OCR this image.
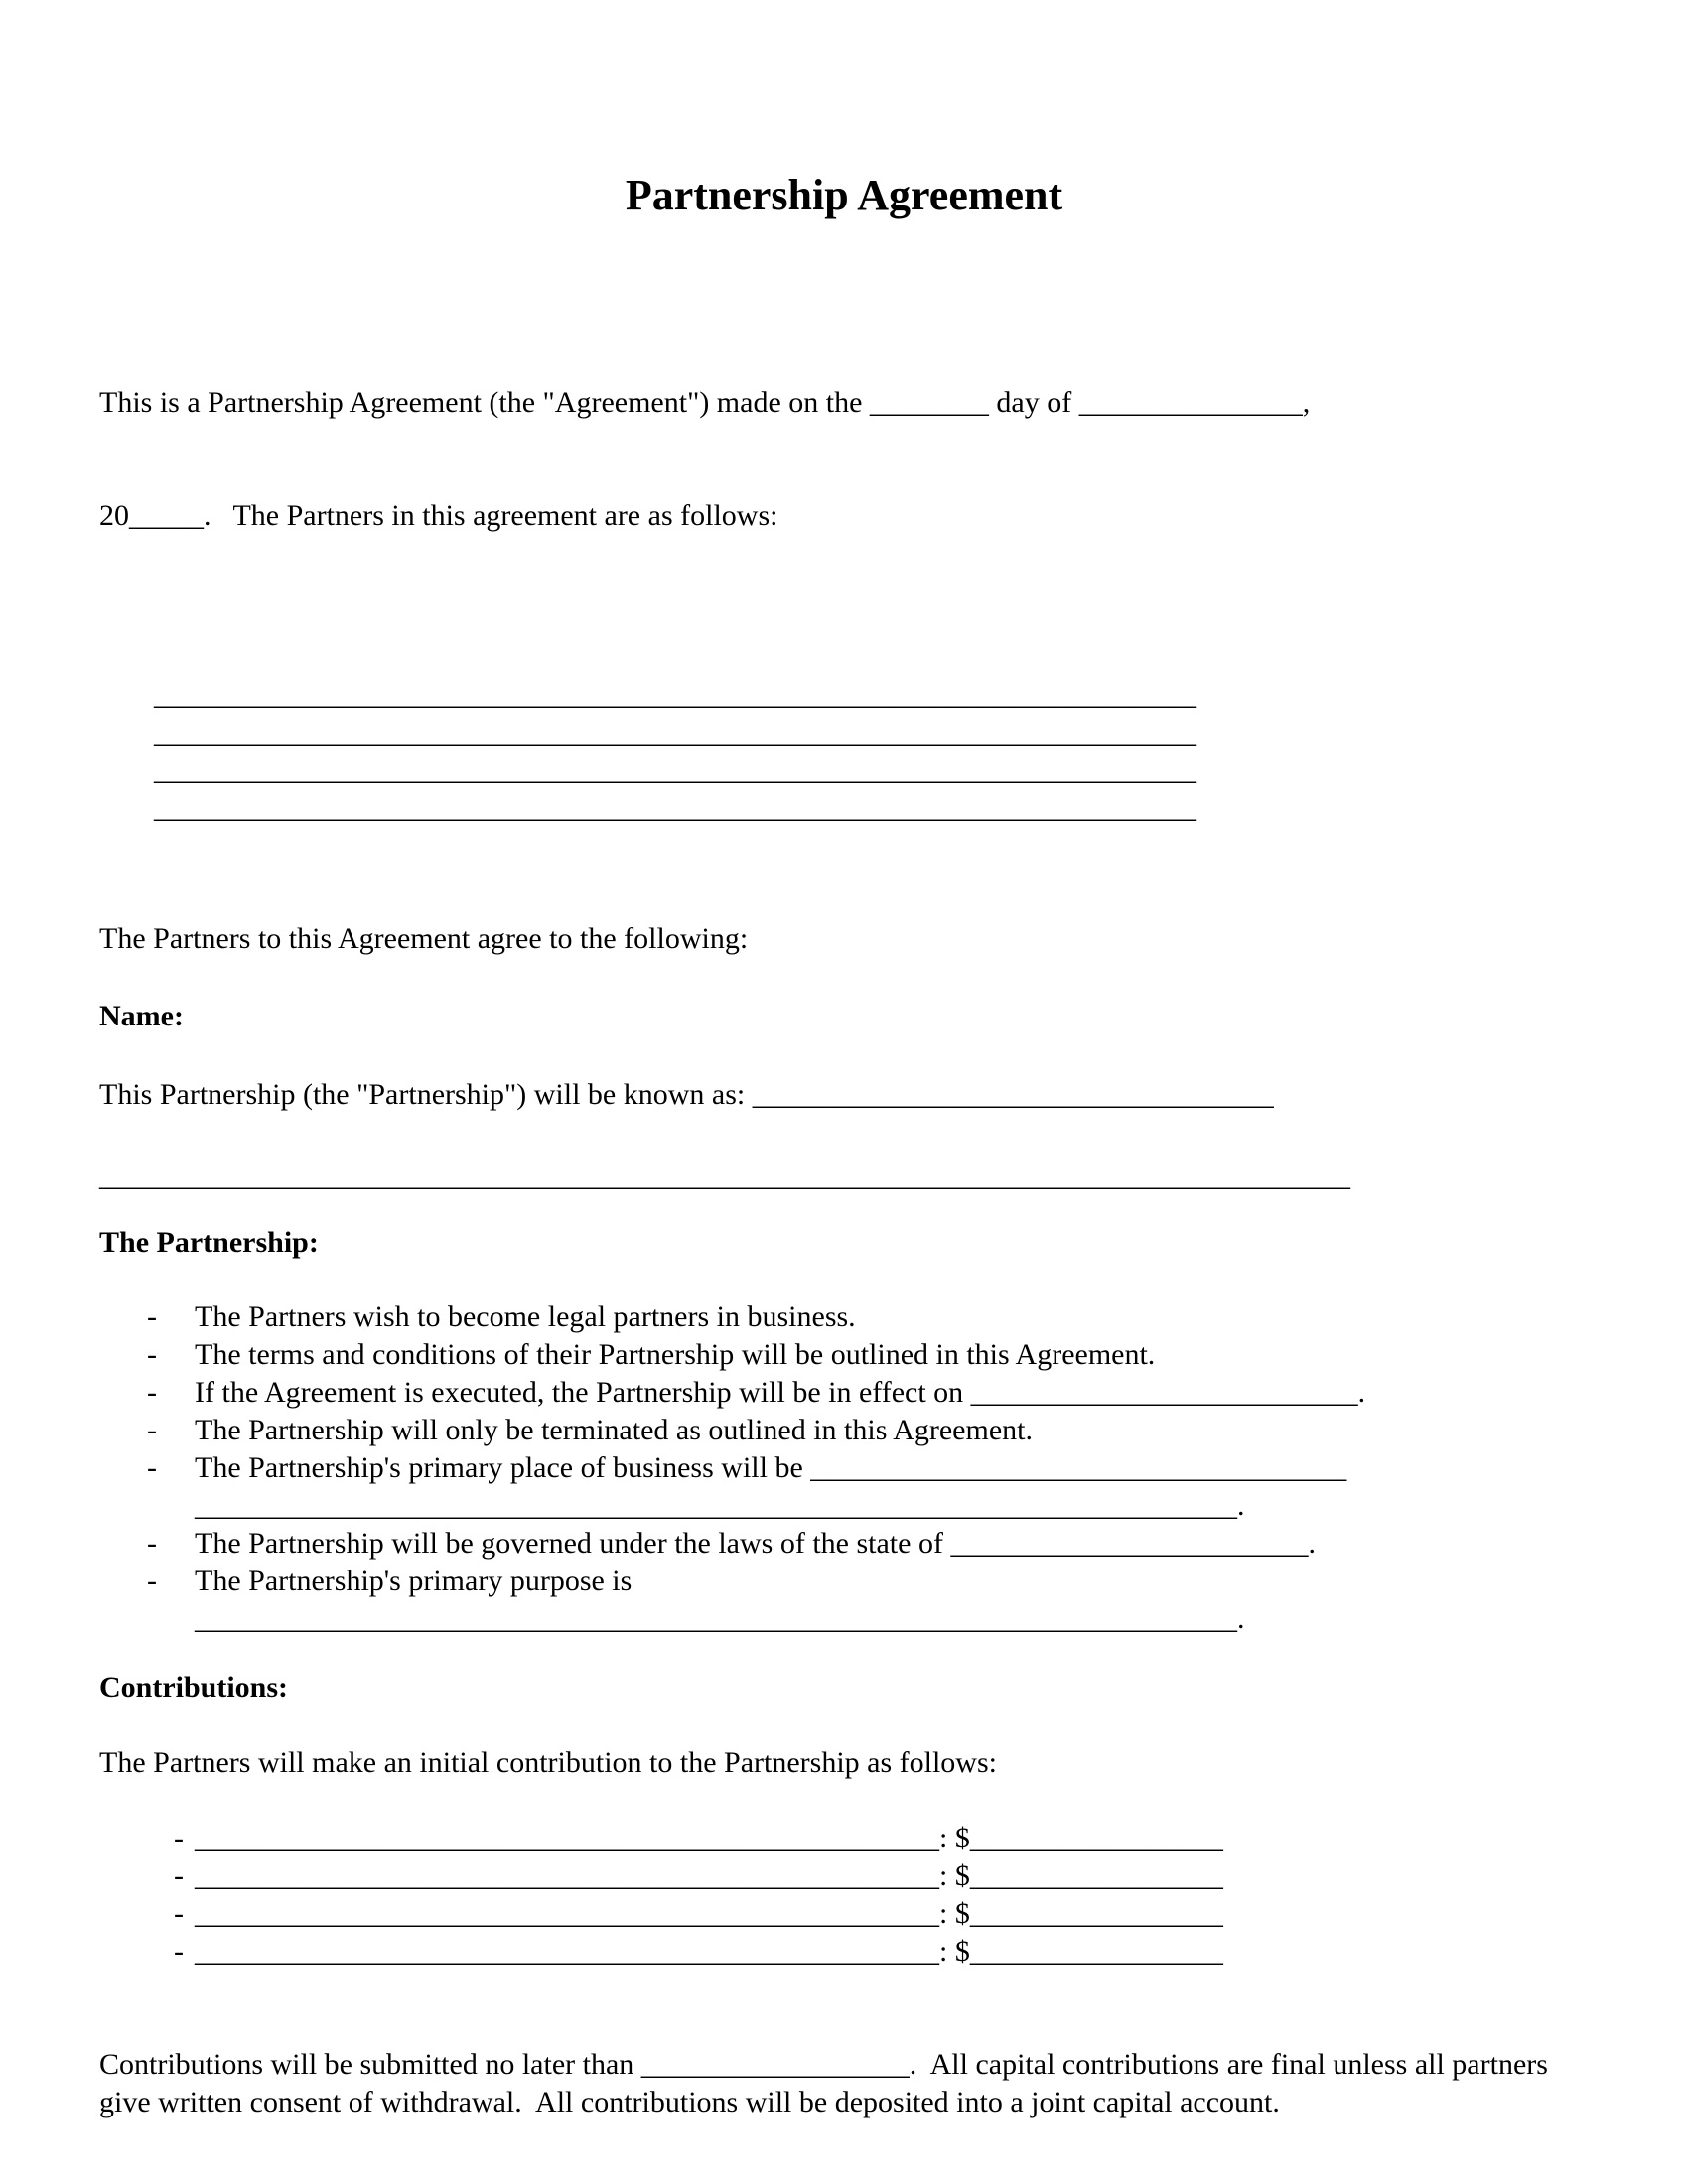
Partnership Agreement

This is a Partnership Agreement (the "Agreement") made on the ________ day of _______________,

20_____.   The Partners in this agreement are as follows:

______________________________________________________________________
______________________________________________________________________
______________________________________________________________________
______________________________________________________________________

The Partners to this Agreement agree to the following:

Name:

This Partnership (the "Partnership") will be known as: ___________________________________

____________________________________________________________________________________

The Partnership:

-	The Partners wish to become legal partners in business.
-	The terms and conditions of their Partnership will be outlined in this Agreement.
-	If the Agreement is executed, the Partnership will be in effect on __________________________.
-	The Partnership will only be terminated as outlined in this Agreement.
-	The Partnership's primary place of business will be ____________________________________
______________________________________________________________________.
-	The Partnership will be governed under the laws of the state of ________________________.
-	The Partnership's primary purpose is
______________________________________________________________________.

Contributions:

The Partners will make an initial contribution to the Partnership as follows:

- __________________________________________________: $_________________
- __________________________________________________: $_________________
- __________________________________________________: $_________________
- __________________________________________________: $_________________

Contributions will be submitted no later than __________________.  All capital contributions are final unless all partners give written consent of withdrawal.  All contributions will be deposited into a joint capital account.
